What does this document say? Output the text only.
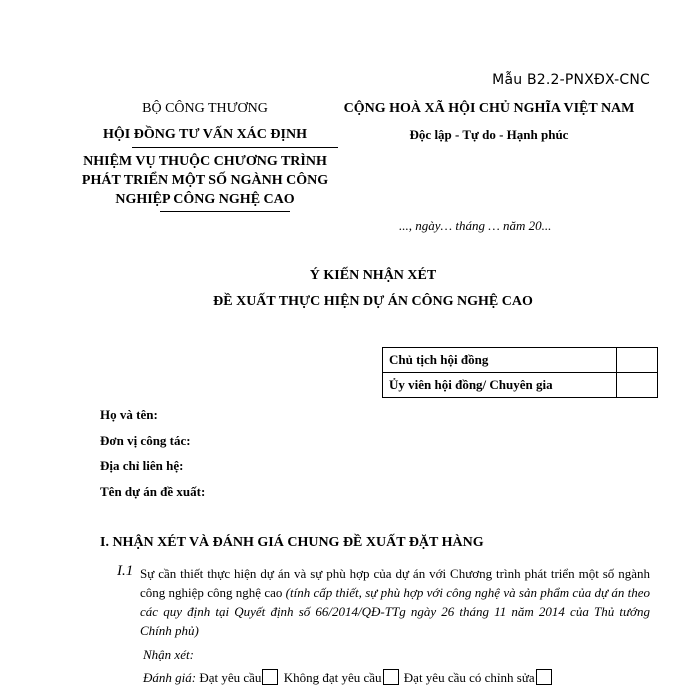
Mẫu B2.2-PNXĐX-CNC
BỘ CÔNG THƯƠNG
HỘI ĐỒNG TƯ VẤN XÁC ĐỊNH
NHIỆM VỤ THUỘC CHƯƠNG TRÌNH
PHÁT TRIỂN MỘT SỐ NGÀNH CÔNG
NGHIỆP CÔNG NGHỆ CAO
CỘNG HOÀ XÃ HỘI CHỦ NGHĨA VIỆT NAM
Độc lập - Tự do - Hạnh phúc
..., ngày… tháng … năm 20...
Ý KIẾN NHẬN XÉT
ĐỀ XUẤT THỰC HIỆN DỰ ÁN CÔNG NGHỆ CAO
Chủ tịch hội đồng	
Ủy viên hội đồng/ Chuyên gia	
Họ và tên:
Đơn vị công tác:
Địa chỉ liên hệ:
Tên dự án đề xuất:
I. NHẬN XÉT VÀ ĐÁNH GIÁ CHUNG ĐỀ XUẤT ĐẶT HÀNG
I.1 Sự cần thiết thực hiện dự án và sự phù hợp của dự án với Chương trình phát triển một số ngành công nghiệp công nghệ cao (tính cấp thiết, sự phù hợp với công nghệ và sản phẩm của dự án theo các quy định tại Quyết định số 66/2014/QĐ-TTg ngày 26 tháng 11 năm 2014 của Thủ tướng Chính phủ)
Nhận xét:
Đánh giá: Đạt yêu cầu Không đạt yêu cầu Đạt yêu cầu có chỉnh sửa
